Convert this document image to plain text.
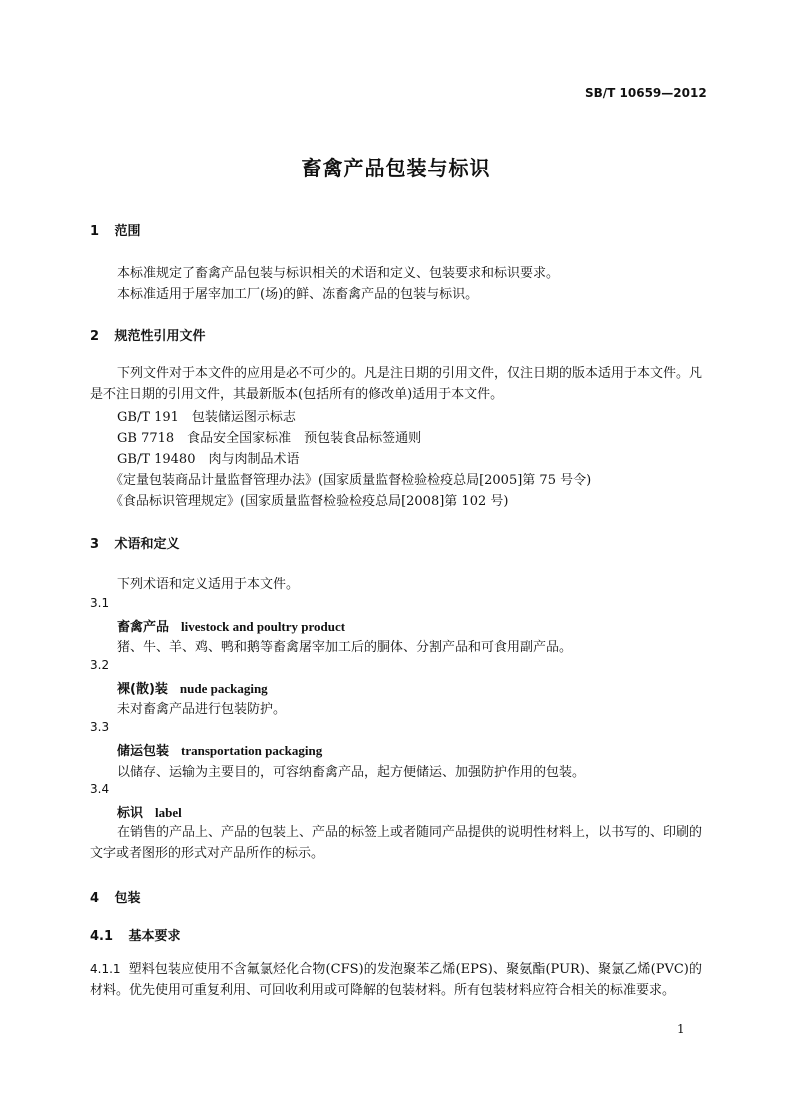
SB/T 10659—2012
畜禽产品包装与标识
1 范围
本标准规定了畜禽产品包装与标识相关的术语和定义、包装要求和标识要求。
本标准适用于屠宰加工厂(场)的鲜、冻畜禽产品的包装与标识。
2 规范性引用文件
下列文件对于本文件的应用是必不可少的。凡是注日期的引用文件，仅注日期的版本适用于本文件。凡是不注日期的引用文件，其最新版本(包括所有的修改单)适用于本文件。
GB/T 191　包装储运图示标志
GB 7718　食品安全国家标准　预包装食品标签通则
GB/T 19480　肉与肉制品术语
《定量包装商品计量监督管理办法》(国家质量监督检验检疫总局[2005]第 75 号令)
《食品标识管理规定》(国家质量监督检验检疫总局[2008]第 102 号)
3 术语和定义
下列术语和定义适用于本文件。
3.1
畜禽产品 livestock and poultry product
猪、牛、羊、鸡、鸭和鹅等畜禽屠宰加工后的胴体、分割产品和可食用副产品。
3.2
裸(散)装 nude packaging
未对畜禽产品进行包装防护。
3.3
储运包装 transportation packaging
以储存、运输为主要目的，可容纳畜禽产品，起方便储运、加强防护作用的包装。
3.4
标识 label
在销售的产品上、产品的包装上、产品的标签上或者随同产品提供的说明性材料上，以书写的、印刷的文字或者图形的形式对产品所作的标示。
4 包装
4.1 基本要求
4.1.1 塑料包装应使用不含氟氯烃化合物(CFS)的发泡聚苯乙烯(EPS)、聚氨酯(PUR)、聚氯乙烯(PVC)的材料。优先使用可重复利用、可回收利用或可降解的包装材料。所有包装材料应符合相关的标准要求。
1
